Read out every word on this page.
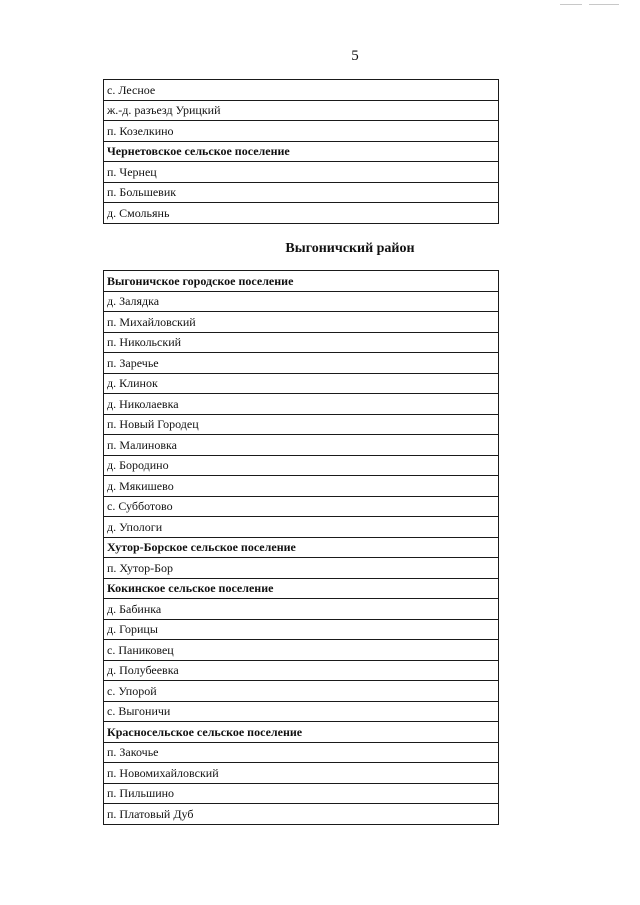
5
с. Лесное
ж.-д. разъезд Урицкий
п. Козелкино
Чернетовское сельское поселение
п. Чернец
п. Большевик
д. Смольянь
Выгоничский район
Выгоничское городское поселение
д. Залядка
п. Михайловский
п. Никольский
п. Заречье
д. Клинок
д. Николаевка
п. Новый Городец
п. Малиновка
д. Бородино
д. Мякишево
с. Субботово
д. Упологи
Хутор-Борское сельское поселение
п. Хутор-Бор
Кокинское сельское поселение
д. Бабинка
д. Горицы
с. Паниковец
д. Полубеевка
с. Упорой
с. Выгоничи
Красносельское сельское поселение
п. Закочье
п. Новомихайловский
п. Пильшино
п. Платовый Дуб
